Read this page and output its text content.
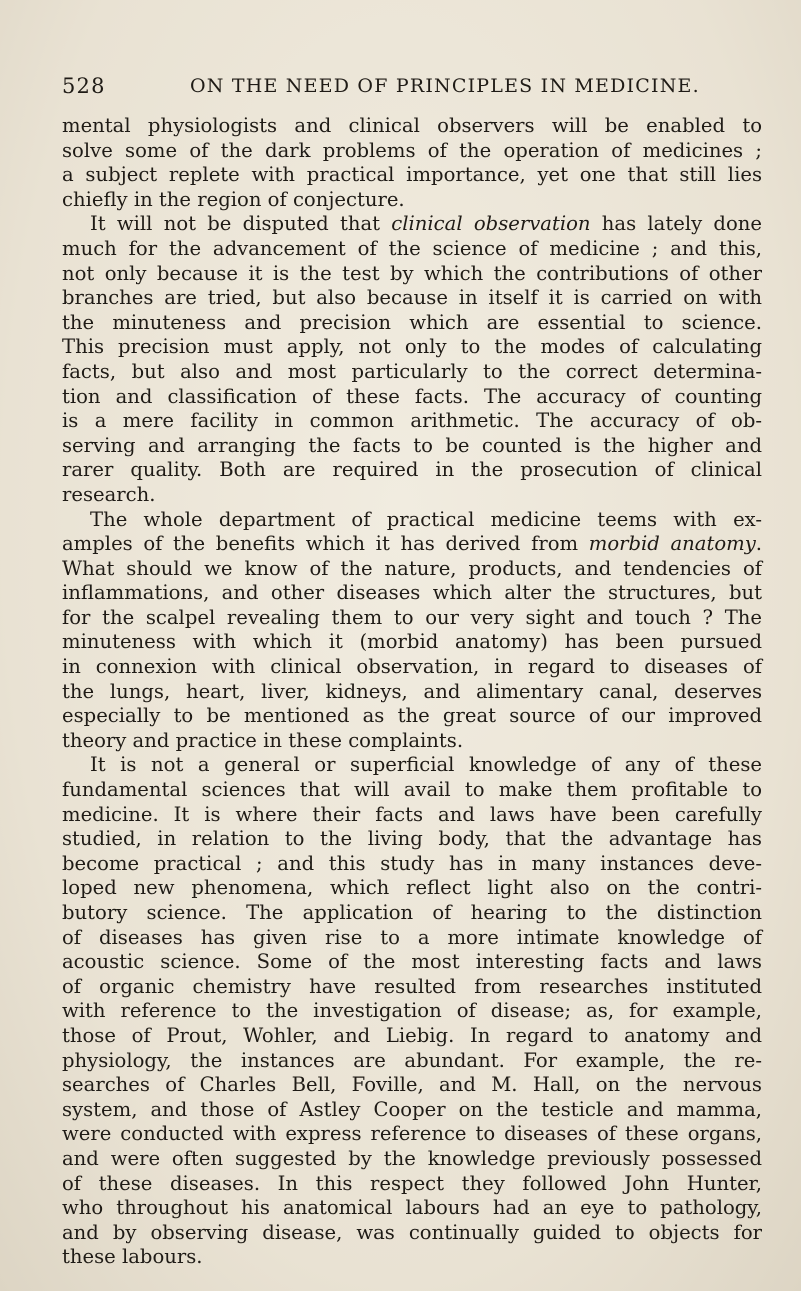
528	ON THE NEED OF PRINCIPLES IN MEDICINE.
mental physiologists and clinical observers will be enabled to
solve some of the dark problems of the operation of medicines ;
a subject replete with practical importance, yet one that still lies
chiefly in the region of conjecture.
It will not be disputed that clinical observation has lately done
much for the advancement of the science of medicine ; and this,
not only because it is the test by which the contributions of other
branches are tried, but also because in itself it is carried on with
the minuteness and precision which are essential to science.
This precision must apply, not only to the modes of calculating
facts, but also and most particularly to the correct determina-
tion and classification of these facts. The accuracy of counting
is a mere facility in common arithmetic. The accuracy of ob-
serving and arranging the facts to be counted is the higher and
rarer quality. Both are required in the prosecution of clinical
research.
The whole department of practical medicine teems with ex-
amples of the benefits which it has derived from morbid anatomy.
What should we know of the nature, products, and tendencies of
inflammations, and other diseases which alter the structures, but
for the scalpel revealing them to our very sight and touch ? The
minuteness with which it (morbid anatomy) has been pursued
in connexion with clinical observation, in regard to diseases of
the lungs, heart, liver, kidneys, and alimentary canal, deserves
especially to be mentioned as the great source of our improved
theory and practice in these complaints.
It is not a general or superficial knowledge of any of these
fundamental sciences that will avail to make them profitable to
medicine. It is where their facts and laws have been carefully
studied, in relation to the living body, that the advantage has
become practical ; and this study has in many instances deve-
loped new phenomena, which reflect light also on the contri-
butory science. The application of hearing to the distinction
of diseases has given rise to a more intimate knowledge of
acoustic science. Some of the most interesting facts and laws
of organic chemistry have resulted from researches instituted
with reference to the investigation of disease; as, for example,
those of Prout, Wohler, and Liebig. In regard to anatomy and
physiology, the instances are abundant. For example, the re-
searches of Charles Bell, Foville, and M. Hall, on the nervous
system, and those of Astley Cooper on the testicle and mamma,
were conducted with express reference to diseases of these organs,
and were often suggested by the knowledge previously possessed
of these diseases. In this respect they followed John Hunter,
who throughout his anatomical labours had an eye to pathology,
and by observing disease, was continually guided to objects for
these labours.
